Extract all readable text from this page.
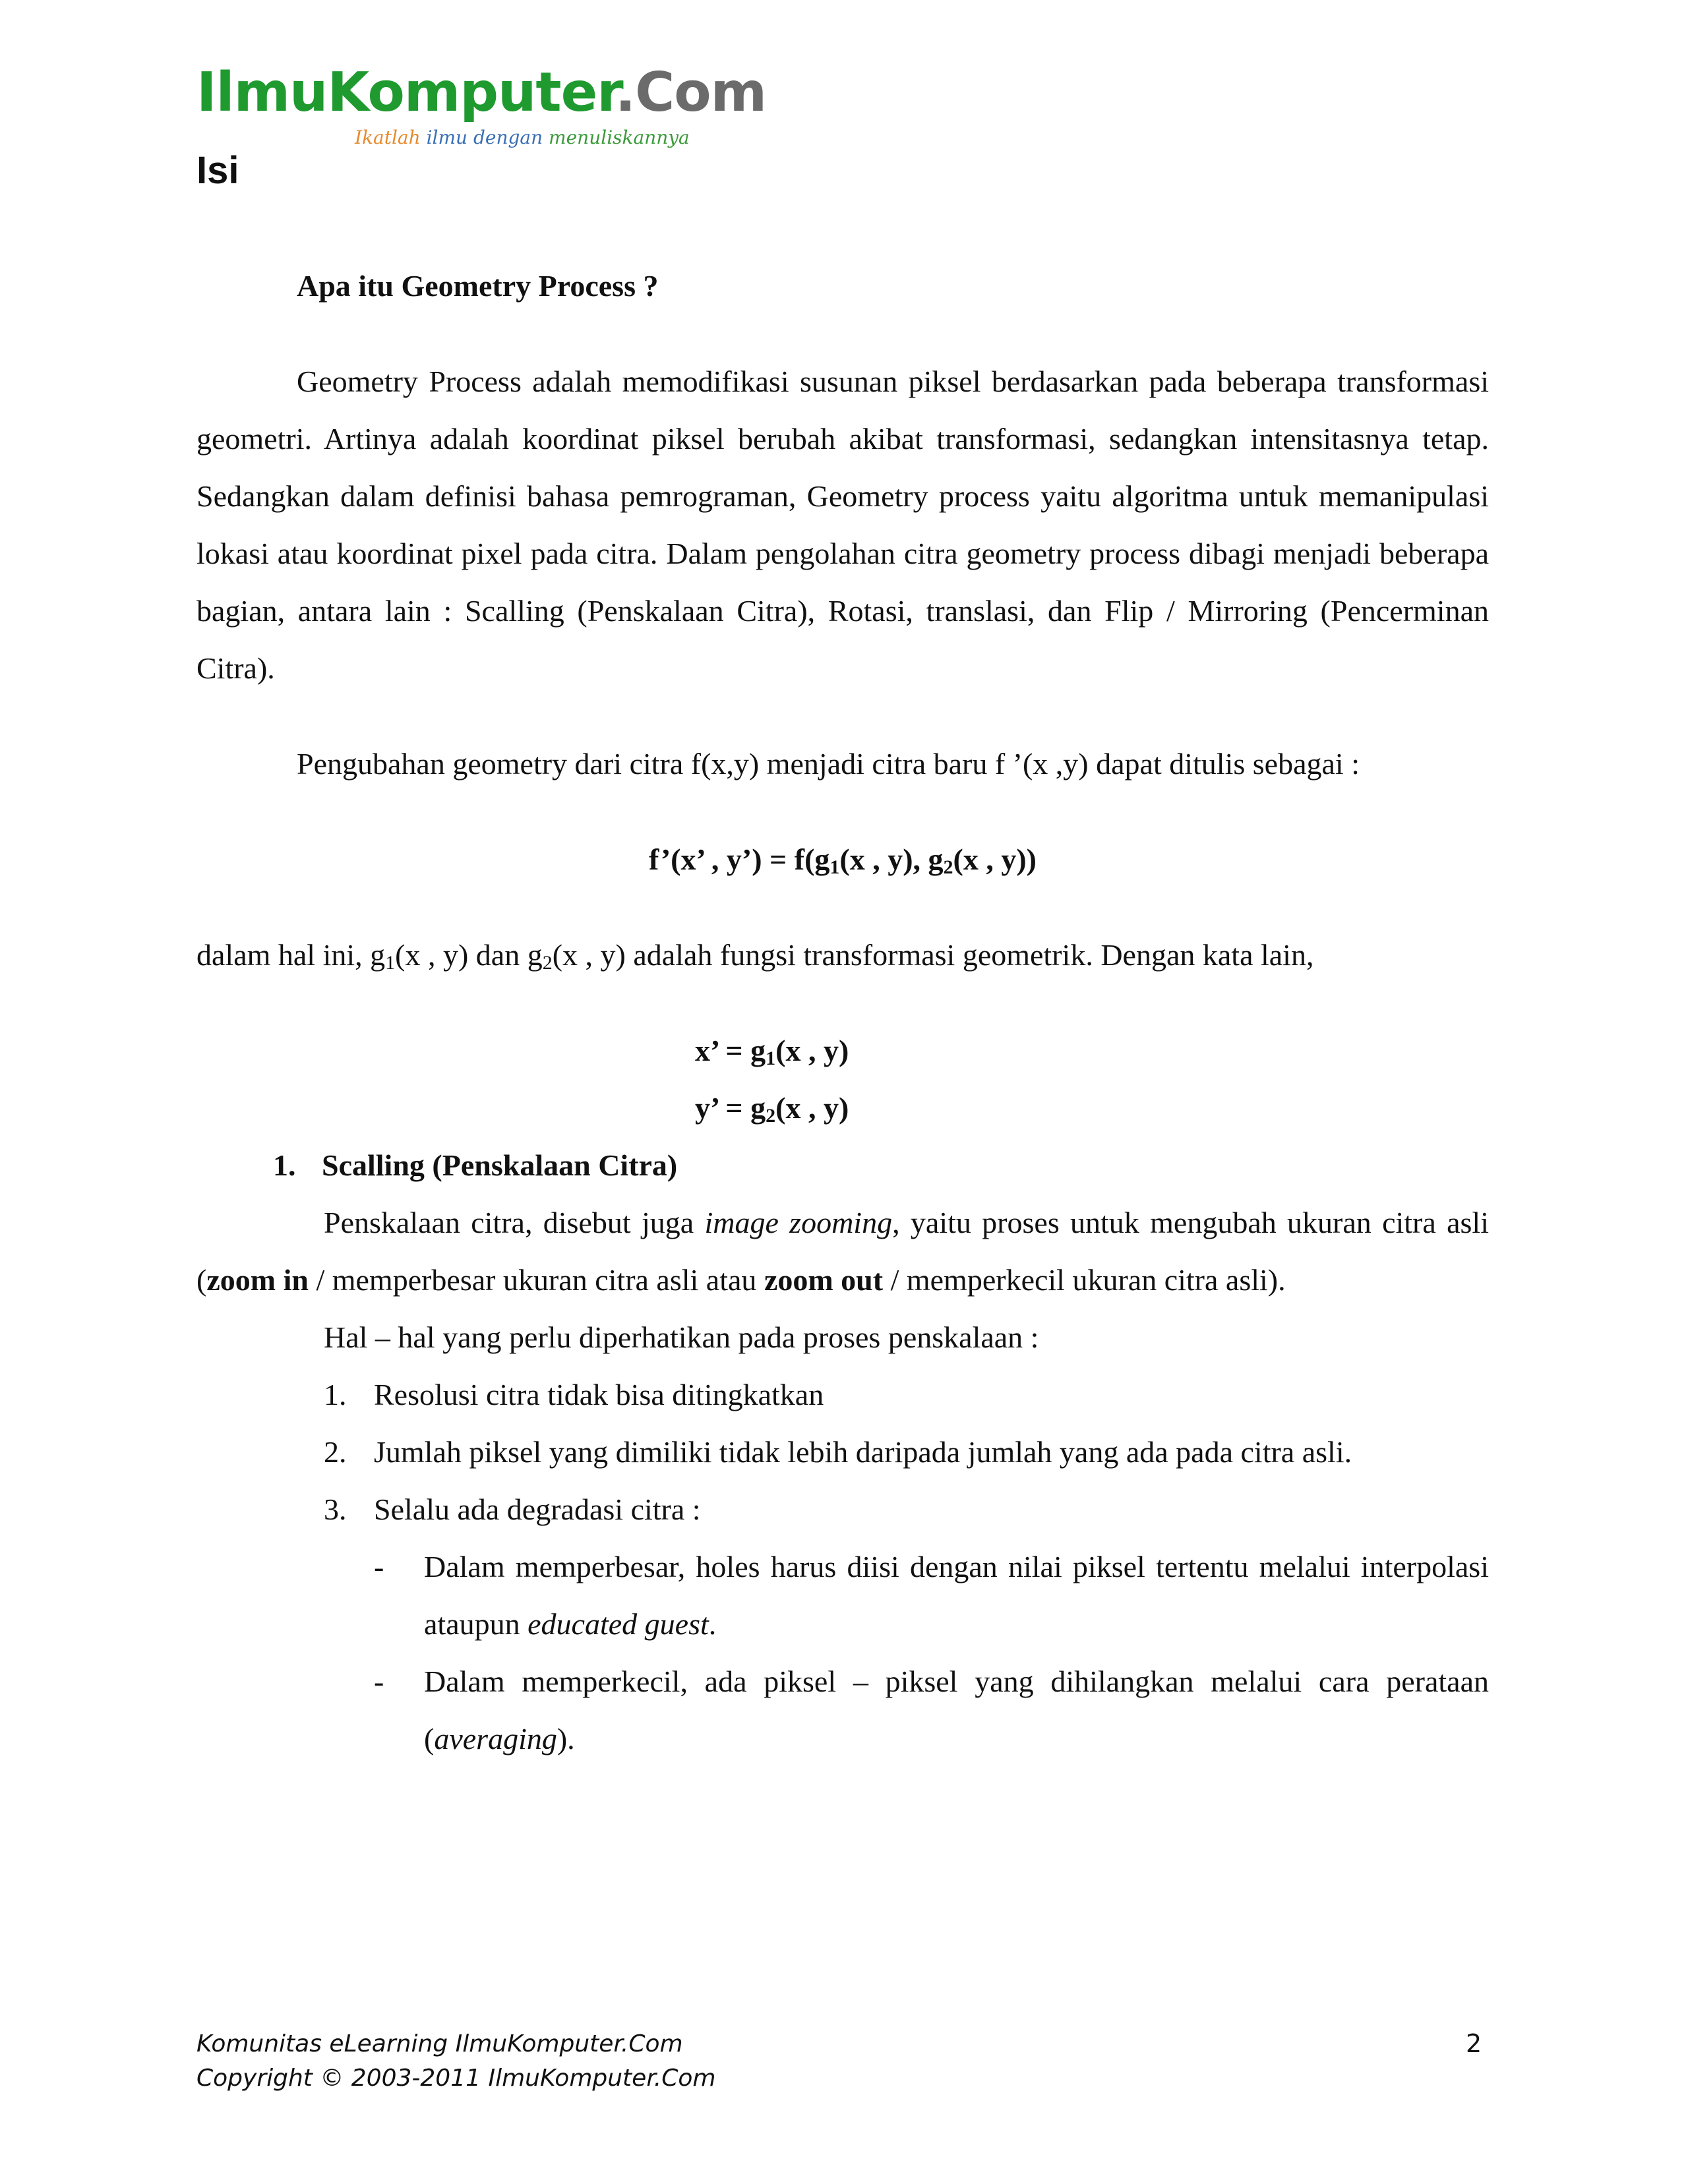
IlmuKomputer.Com
Ikatlah ilmu dengan menuliskannya
Isi

Apa itu Geometry Process ?

Geometry Process adalah memodifikasi susunan piksel berdasarkan pada beberapa transformasi geometri. Artinya adalah koordinat piksel berubah akibat transformasi, sedangkan intensitasnya tetap. Sedangkan dalam definisi bahasa pemrograman, Geometry process yaitu algoritma untuk memanipulasi lokasi atau koordinat pixel pada citra. Dalam pengolahan citra geometry process dibagi menjadi beberapa bagian, antara lain : Scalling (Penskalaan Citra), Rotasi, translasi, dan Flip / Mirroring (Pencerminan Citra).

Pengubahan geometry dari citra f(x,y) menjadi citra baru f ’(x ,y) dapat ditulis sebagai :

f’(x’ , y’) = $f(g_1(x$ , y), $g_2(x$ , y))

dalam hal ini, $g_1(x$ , y) dan $g_2(x$ , y) adalah fungsi transformasi geometrik. Dengan kata lain,

x’ = $g_1(x$ , y)

y’ = $g_2(x$ , y)

1. Scalling (Penskalaan Citra)

Penskalaan citra, disebut juga image zooming, yaitu proses untuk mengubah ukuran citra asli (zoom in / memperbesar ukuran citra asli atau zoom out / memperkecil ukuran citra asli).

Hal – hal yang perlu diperhatikan pada proses penskalaan :

1. Resolusi citra tidak bisa ditingkatkan

2. Jumlah piksel yang dimiliki tidak lebih daripada jumlah yang ada pada citra asli.

3. Selalu ada degradasi citra :

- Dalam memperbesar, holes harus diisi dengan nilai piksel tertentu melalui interpolasi ataupun educated guest.

- Dalam memperkecil, ada piksel – piksel yang dihilangkan melalui cara perataan (averaging).

Komunitas eLearning IlmuKomputer.Com
Copyright © 2003-2011 IlmuKomputer.Com
2
